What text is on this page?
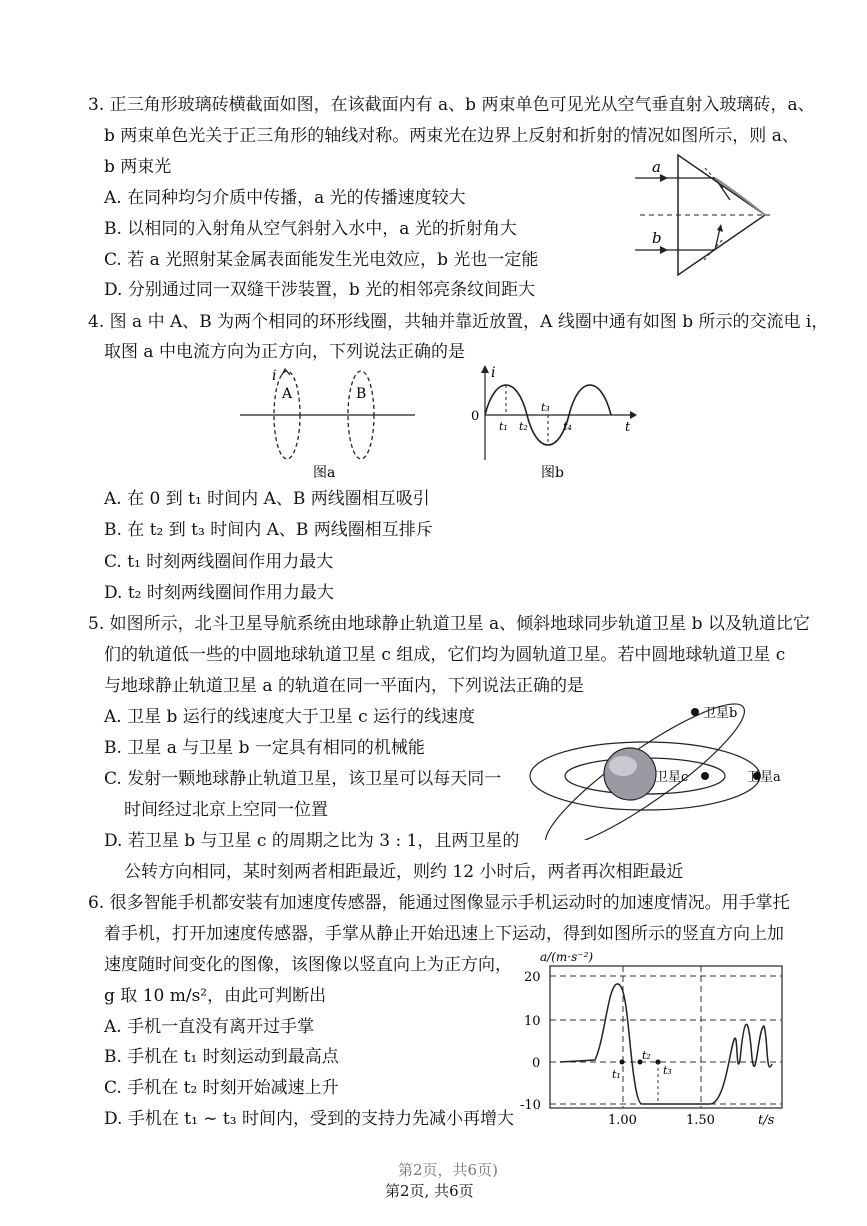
3. 正三角形玻璃砖横截面如图，在该截面内有 a、b 两束单色可见光从空气垂直射入玻璃砖，a、
b 两束单色光关于正三角形的轴线对称。两束光在边界上反射和折射的情况如图所示，则 a、
b 两束光
A. 在同种均匀介质中传播，a 光的传播速度较大
B. 以相同的入射角从空气斜射入水中，a 光的折射角大
C. 若 a 光照射某金属表面能发生光电效应，b 光也一定能
D. 分别通过同一双缝干涉装置，b 光的相邻亮条纹间距大
a
b
4. 图 a 中 A、B 为两个相同的环形线圈，共轴并靠近放置，A 线圈中通有如图 b 所示的交流电 i，
取图 a 中电流方向为正方向，下列说法正确的是
i
A	B
图a
i
0
t
t₁ t₂
t₃
t₄
图b
A. 在 0 到 t₁ 时间内 A、B 两线圈相互吸引
B. 在 t₂ 到 t₃ 时间内 A、B 两线圈相互排斥
C. t₁ 时刻两线圈间作用力最大
D. t₂ 时刻两线圈间作用力最大
5. 如图所示，北斗卫星导航系统由地球静止轨道卫星 a、倾斜地球同步轨道卫星 b 以及轨道比它
们的轨道低一些的中圆地球轨道卫星 c 组成，它们均为圆轨道卫星。若中圆地球轨道卫星 c
与地球静止轨道卫星 a 的轨道在同一平面内，下列说法正确的是
A. 卫星 b 运行的线速度大于卫星 c 运行的线速度
B. 卫星 a 与卫星 b 一定具有相同的机械能
C. 发射一颗地球静止轨道卫星，该卫星可以每天同一
时间经过北京上空同一位置
D. 若卫星 b 与卫星 c 的周期之比为 3 : 1，且两卫星的
公转方向相同，某时刻两者相距最近，则约 12 小时后，两者再次相距最近
卫星b
卫星c	卫星a
6. 很多智能手机都安装有加速度传感器，能通过图像显示手机运动时的加速度情况。用手掌托
着手机，打开加速度传感器，手掌从静止开始迅速上下运动，得到如图所示的竖直方向上加
速度随时间变化的图像，该图像以竖直向上为正方向，
g 取 10 m/s²，由此可判断出
A. 手机一直没有离开过手掌
B. 手机在 t₁ 时刻运动到最高点
C. 手机在 t₂ 时刻开始减速上升
D. 手机在 t₁ ~ t₃ 时间内，受到的支持力先减小再增大
a/(m·s⁻²)
20
10
0
-10
1.00	1.50	t/s
t₁
t₂
t₃
第2页，共6页)
第2页, 共6页
